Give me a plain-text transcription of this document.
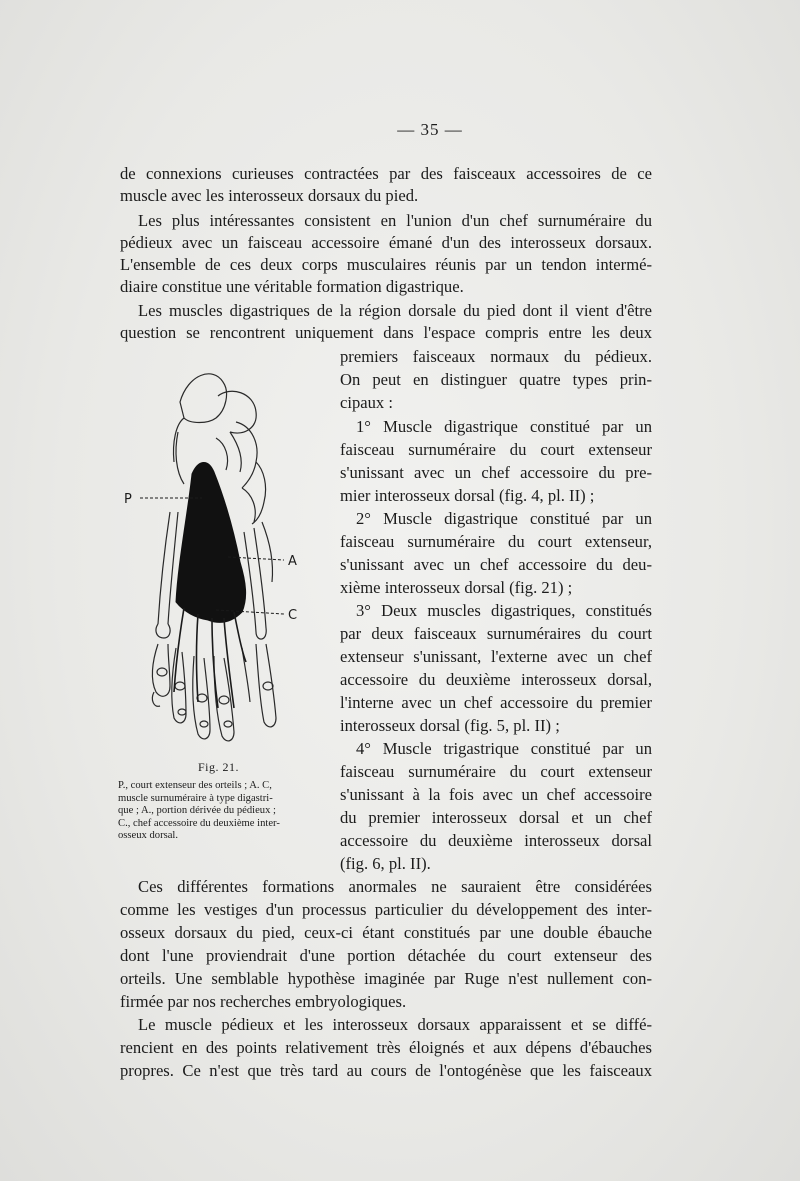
— 35 —
de connexions curieuses contractées par des faisceaux accessoires de ce
muscle avec les interosseux dorsaux du pied.
Les plus intéressantes consistent en l'union d'un chef surnuméraire du
pédieux avec un faisceau accessoire émané d'un des interosseux dorsaux.
L'ensemble de ces deux corps musculaires réunis par un tendon intermé-
diaire constitue une véritable formation digastrique.
Les muscles digastriques de la région dorsale du pied dont il vient d'être
question se rencontrent uniquement dans l'espace compris entre les deux
premiers faisceaux normaux du pédieux.
On peut en distinguer quatre types prin-
cipaux :
1° Muscle digastrique constitué par un
faisceau surnuméraire du court extenseur
s'unissant avec un chef accessoire du pre-
mier interosseux dorsal (fig. 4, pl. II) ;
2° Muscle digastrique constitué par un
faisceau surnuméraire du court extenseur,
s'unissant avec un chef accessoire du deu-
xième interosseux dorsal (fig. 21) ;
3° Deux muscles digastriques, constitués
par deux faisceaux surnuméraires du court
extenseur s'unissant, l'externe avec un chef
accessoire du deuxième interosseux dorsal,
l'interne avec un chef accessoire du premier
interosseux dorsal (fig. 5, pl. II) ;
4° Muscle trigastrique constitué par un
faisceau surnuméraire du court extenseur
s'unissant à la fois avec un chef accessoire
du premier interosseux dorsal et un chef
accessoire du deuxième interosseux dorsal
(fig. 6, pl. II).
Ces différentes formations anormales ne sauraient être considérées
comme les vestiges d'un processus particulier du développement des inter-
osseux dorsaux du pied, ceux-ci étant constitués par une double ébauche
dont l'une proviendrait d'une portion détachée du court extenseur des
orteils. Une semblable hypothèse imaginée par Ruge n'est nullement con-
firmée par nos recherches embryologiques.
Le muscle pédieux et les interosseux dorsaux apparaissent et se diffé-
rencient en des points relativement très éloignés et aux dépens d'ébauches
propres. Ce n'est que très tard au cours de l'ontogénèse que les faisceaux
P
A
C
Fig. 21.
P., court extenseur des orteils ; A. C,
muscle surnuméraire à type digastri-
que ; A., portion dérivée du pédieux ;
C., chef accessoire du deuxième inter-
osseux dorsal.
